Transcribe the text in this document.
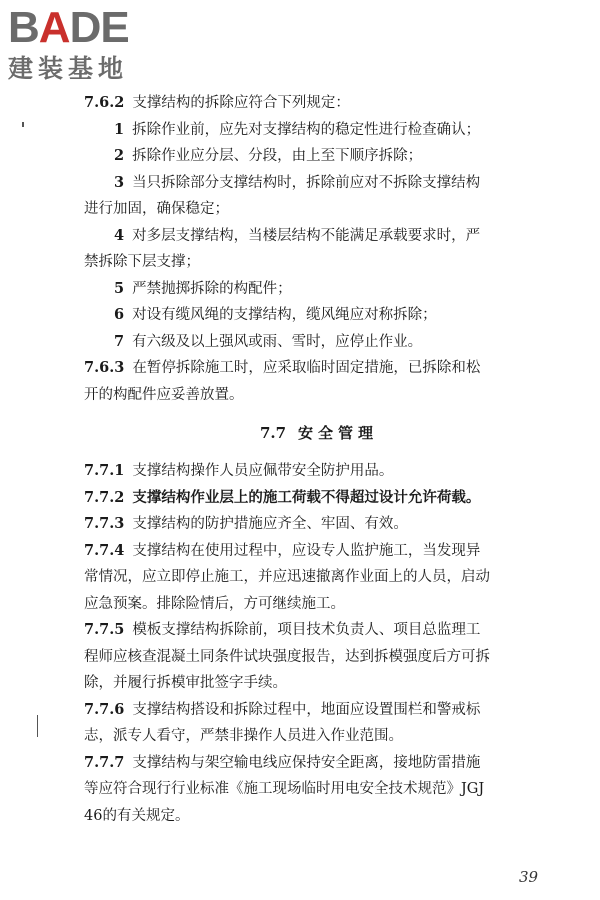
BADE
建装基地
7.6.2 支撑结构的拆除应符合下列规定：
1 拆除作业前，应先对支撑结构的稳定性进行检查确认；
2 拆除作业应分层、分段，由上至下顺序拆除；
3 当只拆除部分支撑结构时，拆除前应对不拆除支撑结构
进行加固，确保稳定；
4 对多层支撑结构，当楼层结构不能满足承载要求时，严
禁拆除下层支撑；
5 严禁抛掷拆除的构配件；
6 对设有缆风绳的支撑结构，缆风绳应对称拆除；
7 有六级及以上强风或雨、雪时，应停止作业。
7.6.3 在暂停拆除施工时，应采取临时固定措施，已拆除和松
开的构配件应妥善放置。
7.7 安全管理
7.7.1 支撑结构操作人员应佩带安全防护用品。
7.7.2 支撑结构作业层上的施工荷载不得超过设计允许荷载。
7.7.3 支撑结构的防护措施应齐全、牢固、有效。
7.7.4 支撑结构在使用过程中，应设专人监护施工，当发现异
常情况，应立即停止施工，并应迅速撤离作业面上的人员，启动
应急预案。排除险情后，方可继续施工。
7.7.5 模板支撑结构拆除前，项目技术负责人、项目总监理工
程师应核查混凝土同条件试块强度报告，达到拆模强度后方可拆
除，并履行拆模审批签字手续。
7.7.6 支撑结构搭设和拆除过程中，地面应设置围栏和警戒标
志，派专人看守，严禁非操作人员进入作业范围。
7.7.7 支撑结构与架空输电线应保持安全距离，接地防雷措施
等应符合现行行业标准《施工现场临时用电安全技术规范》JGJ
46的有关规定。
39
